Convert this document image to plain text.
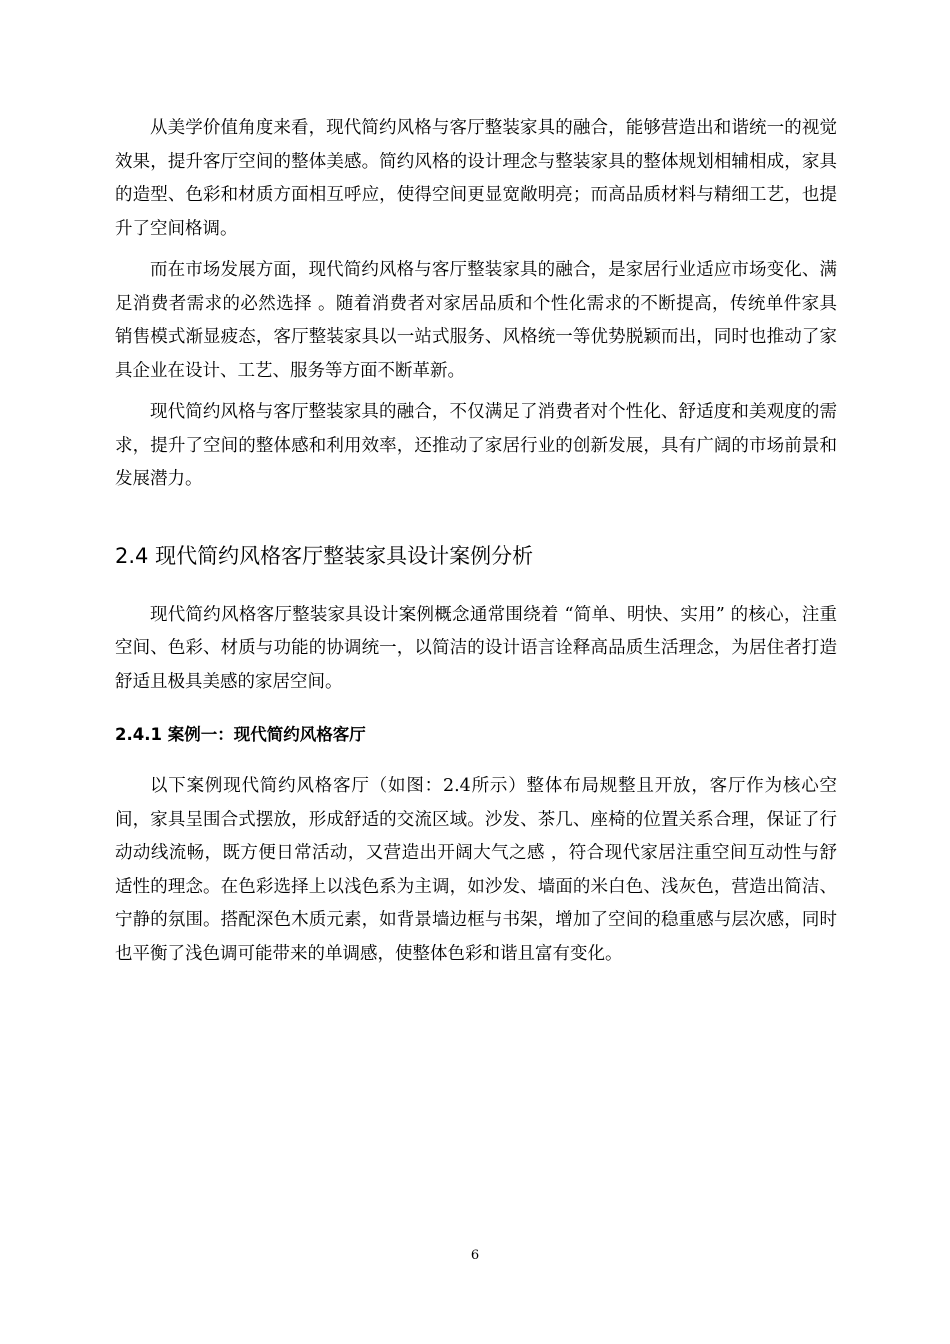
从美学价值角度来看，现代简约风格与客厅整装家具的融合，能够营造出和谐统一的视觉效果，提升客厅空间的整体美感。简约风格的设计理念与整装家具的整体规划相辅相成，家具的造型、色彩和材质方面相互呼应，使得空间更显宽敞明亮；而高品质材料与精细工艺，也提升了空间格调。

而在市场发展方面，现代简约风格与客厅整装家具的融合，是家居行业适应市场变化、满足消费者需求的必然选择 。随着消费者对家居品质和个性化需求的不断提高，传统单件家具销售模式渐显疲态，客厅整装家具以一站式服务、风格统一等优势脱颖而出，同时也推动了家具企业在设计、工艺、服务等方面不断革新。

现代简约风格与客厅整装家具的融合，不仅满足了消费者对个性化、舒适度和美观度的需求，提升了空间的整体感和利用效率，还推动了家居行业的创新发展，具有广阔的市场前景和发展潜力。

2.4 现代简约风格客厅整装家具设计案例分析

现代简约风格客厅整装家具设计案例概念通常围绕着 “简单、明快、实用” 的核心，注重空间、色彩、材质与功能的协调统一，以简洁的设计语言诠释高品质生活理念，为居住者打造舒适且极具美感的家居空间。

2.4.1 案例一：现代简约风格客厅

以下案例现代简约风格客厅（如图：2.4所示）整体布局规整且开放，客厅作为核心空间，家具呈围合式摆放，形成舒适的交流区域。沙发、茶几、座椅的位置关系合理，保证了行动动线流畅，既方便日常活动，又营造出开阔大气之感 ，符合现代家居注重空间互动性与舒适性的理念。在色彩选择上以浅色系为主调，如沙发、墙面的米白色、浅灰色，营造出简洁、宁静的氛围。搭配深色木质元素，如背景墙边框与书架，增加了空间的稳重感与层次感，同时也平衡了浅色调可能带来的单调感，使整体色彩和谐且富有变化。

6
